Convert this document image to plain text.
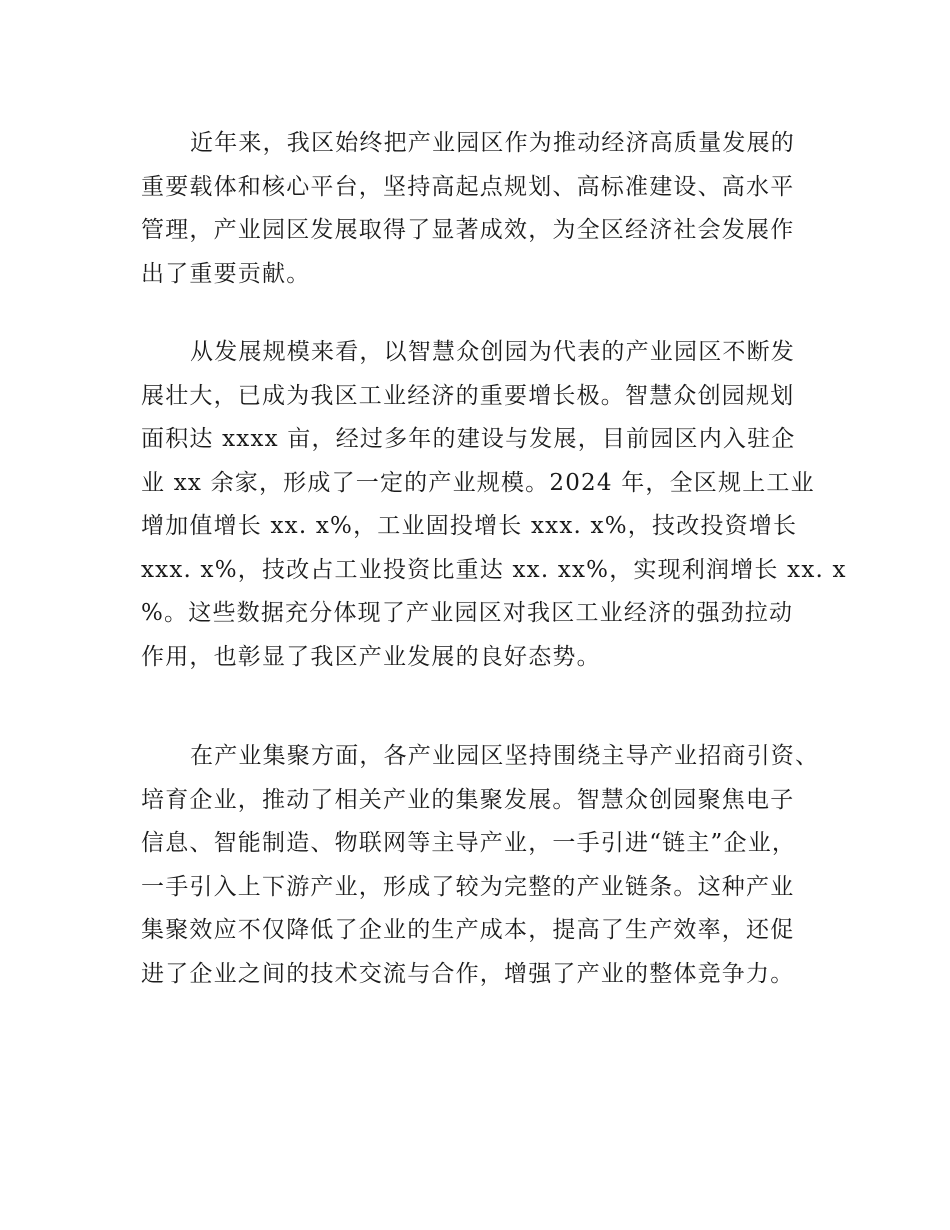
近年来，我区始终把产业园区作为推动经济高质量发展的
重要载体和核心平台，坚持高起点规划、高标准建设、高水平
管理，产业园区发展取得了显著成效，为全区经济社会发展作
出了重要贡献。
从发展规模来看，以智慧众创园为代表的产业园区不断发
展壮大，已成为我区工业经济的重要增长极。智慧众创园规划
面积达 xxxx 亩，经过多年的建设与发展，目前园区内入驻企
业 xx 余家，形成了一定的产业规模。2024 年，全区规上工业
增加值增长 xx. x%，工业固投增长 xxx. x%，技改投资增长
xxx. x%，技改占工业投资比重达 xx. xx%，实现利润增长 xx. x
%。这些数据充分体现了产业园区对我区工业经济的强劲拉动
作用，也彰显了我区产业发展的良好态势。
在产业集聚方面，各产业园区坚持围绕主导产业招商引资、
培育企业，推动了相关产业的集聚发展。智慧众创园聚焦电子
信息、智能制造、物联网等主导产业，一手引进“链主”企业，
一手引入上下游产业，形成了较为完整的产业链条。这种产业
集聚效应不仅降低了企业的生产成本，提高了生产效率，还促
进了企业之间的技术交流与合作，增强了产业的整体竞争力。
